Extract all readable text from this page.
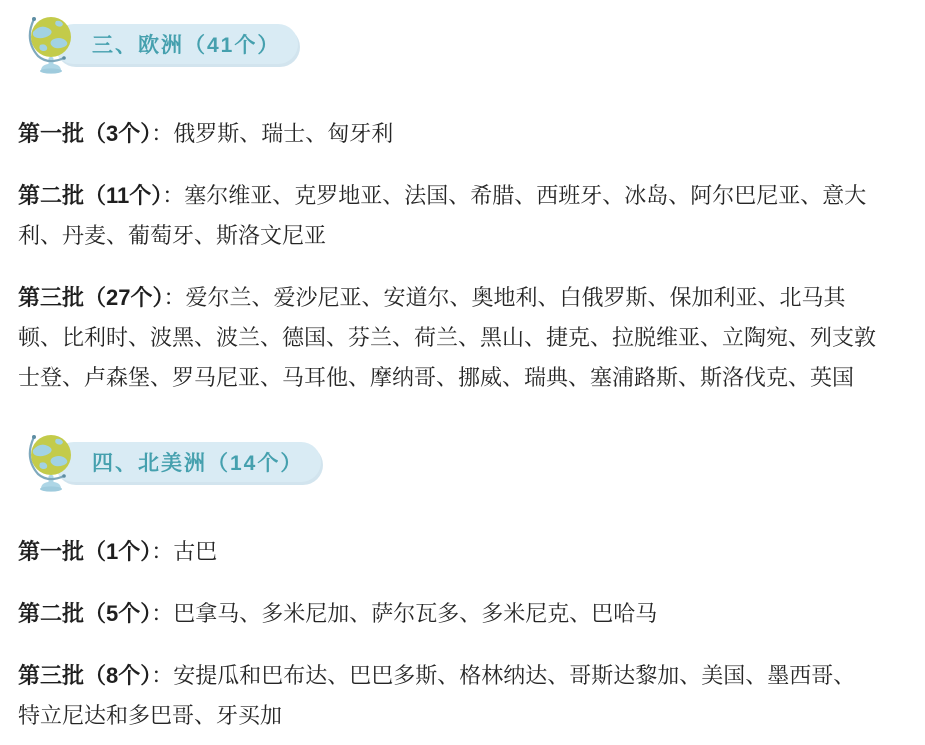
三、欧洲（41个）

第一批（3个）：俄罗斯、瑞士、匈牙利

第二批（11个）：塞尔维亚、克罗地亚、法国、希腊、西班牙、冰岛、阿尔巴尼亚、意大利、丹麦、葡萄牙、斯洛文尼亚

第三批（27个）：爱尔兰、爱沙尼亚、安道尔、奥地利、白俄罗斯、保加利亚、北马其顿、比利时、波黑、波兰、德国、芬兰、荷兰、黑山、捷克、拉脱维亚、立陶宛、列支敦士登、卢森堡、罗马尼亚、马耳他、摩纳哥、挪威、瑞典、塞浦路斯、斯洛伐克、英国

四、北美洲（14个）

第一批（1个）：古巴

第二批（5个）：巴拿马、多米尼加、萨尔瓦多、多米尼克、巴哈马

第三批（8个）：安提瓜和巴布达、巴巴多斯、格林纳达、哥斯达黎加、美国、墨西哥、特立尼达和多巴哥、牙买加
